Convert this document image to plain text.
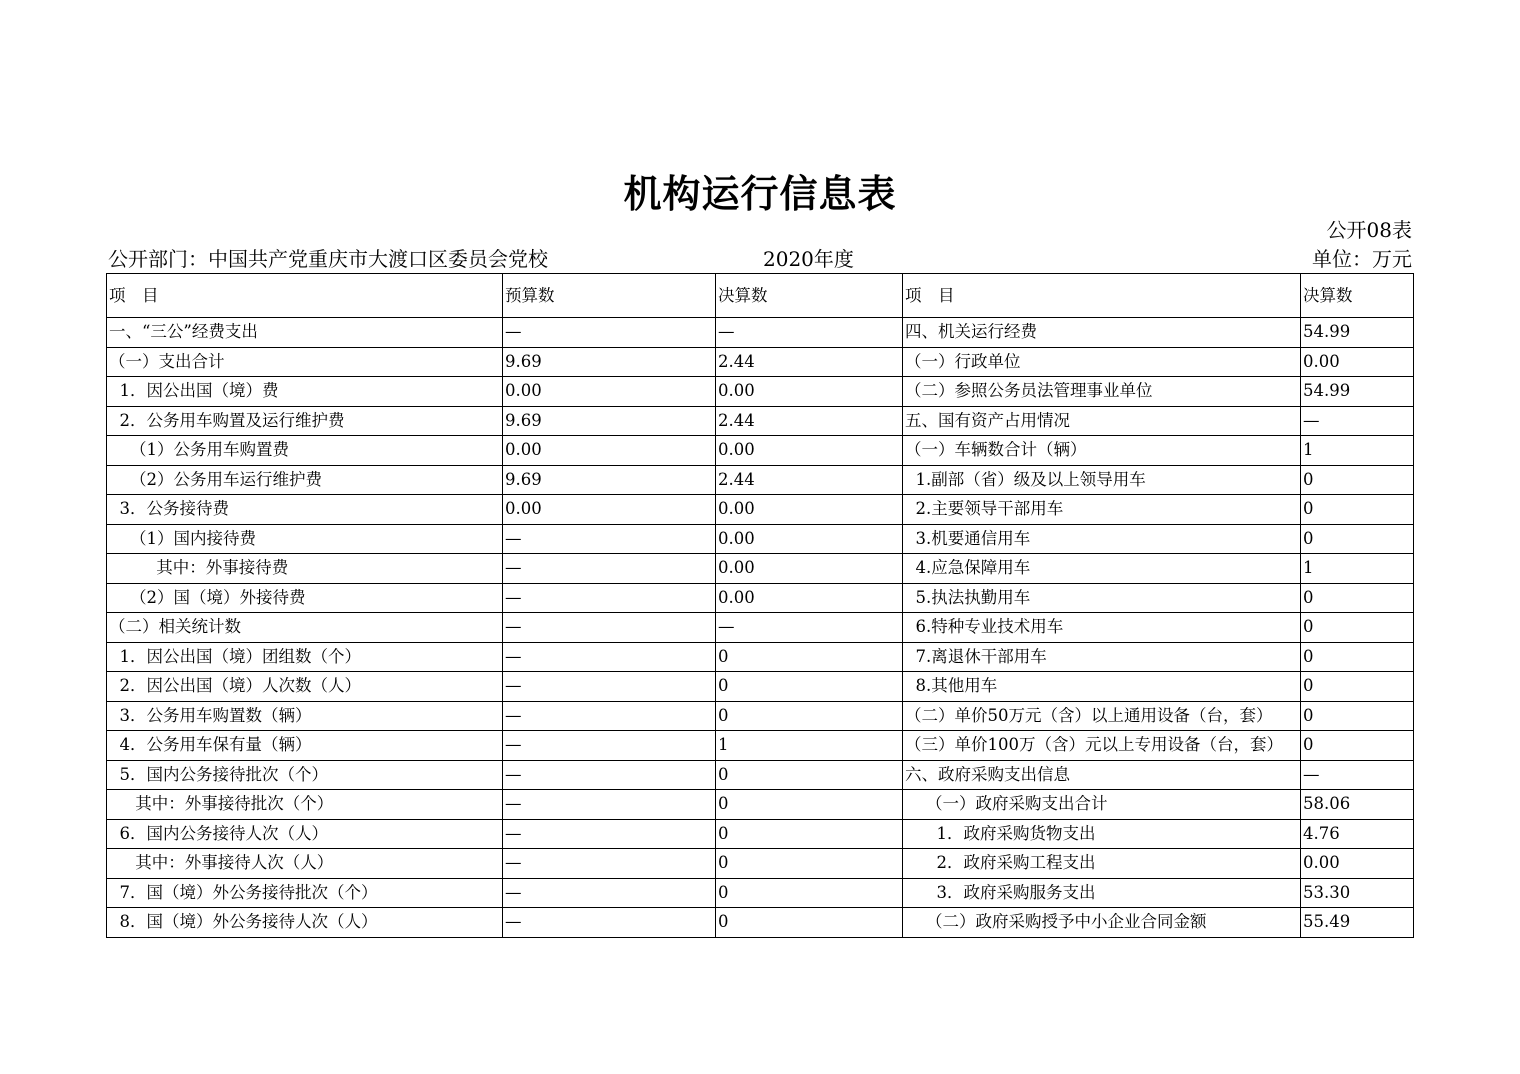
机构运行信息表
公开08表
公开部门：中国共产党重庆市大渡口区委员会党校	2020年度	单位：万元
项　目	预算数	决算数	项　目	决算数
一、“三公”经费支出	—	—	四、机关运行经费	54.99
（一）支出合计	9.69	2.44	（一）行政单位	0.00
1．因公出国（境）费	0.00	0.00	（二）参照公务员法管理事业单位	54.99
2．公务用车购置及运行维护费	9.69	2.44	五、国有资产占用情况	—
（1）公务用车购置费	0.00	0.00	（一）车辆数合计（辆）	1
（2）公务用车运行维护费	9.69	2.44	1.副部（省）级及以上领导用车	0
3．公务接待费	0.00	0.00	2.主要领导干部用车	0
（1）国内接待费	—	0.00	3.机要通信用车	0
其中：外事接待费	—	0.00	4.应急保障用车	1
（2）国（境）外接待费	—	0.00	5.执法执勤用车	0
（二）相关统计数	—	—	6.特种专业技术用车	0
1．因公出国（境）团组数（个）	—	0	7.离退休干部用车	0
2．因公出国（境）人次数（人）	—	0	8.其他用车	0
3．公务用车购置数（辆）	—	0	（二）单价50万元（含）以上通用设备（台，套）	0
4．公务用车保有量（辆）	—	1	（三）单价100万（含）元以上专用设备（台，套）	0
5．国内公务接待批次（个）	—	0	六、政府采购支出信息	—
其中：外事接待批次（个）	—	0	（一）政府采购支出合计	58.06
6．国内公务接待人次（人）	—	0	1．政府采购货物支出	4.76
其中：外事接待人次（人）	—	0	2．政府采购工程支出	0.00
7．国（境）外公务接待批次（个）	—	0	3．政府采购服务支出	53.30
8．国（境）外公务接待人次（人）	—	0	（二）政府采购授予中小企业合同金额	55.49
